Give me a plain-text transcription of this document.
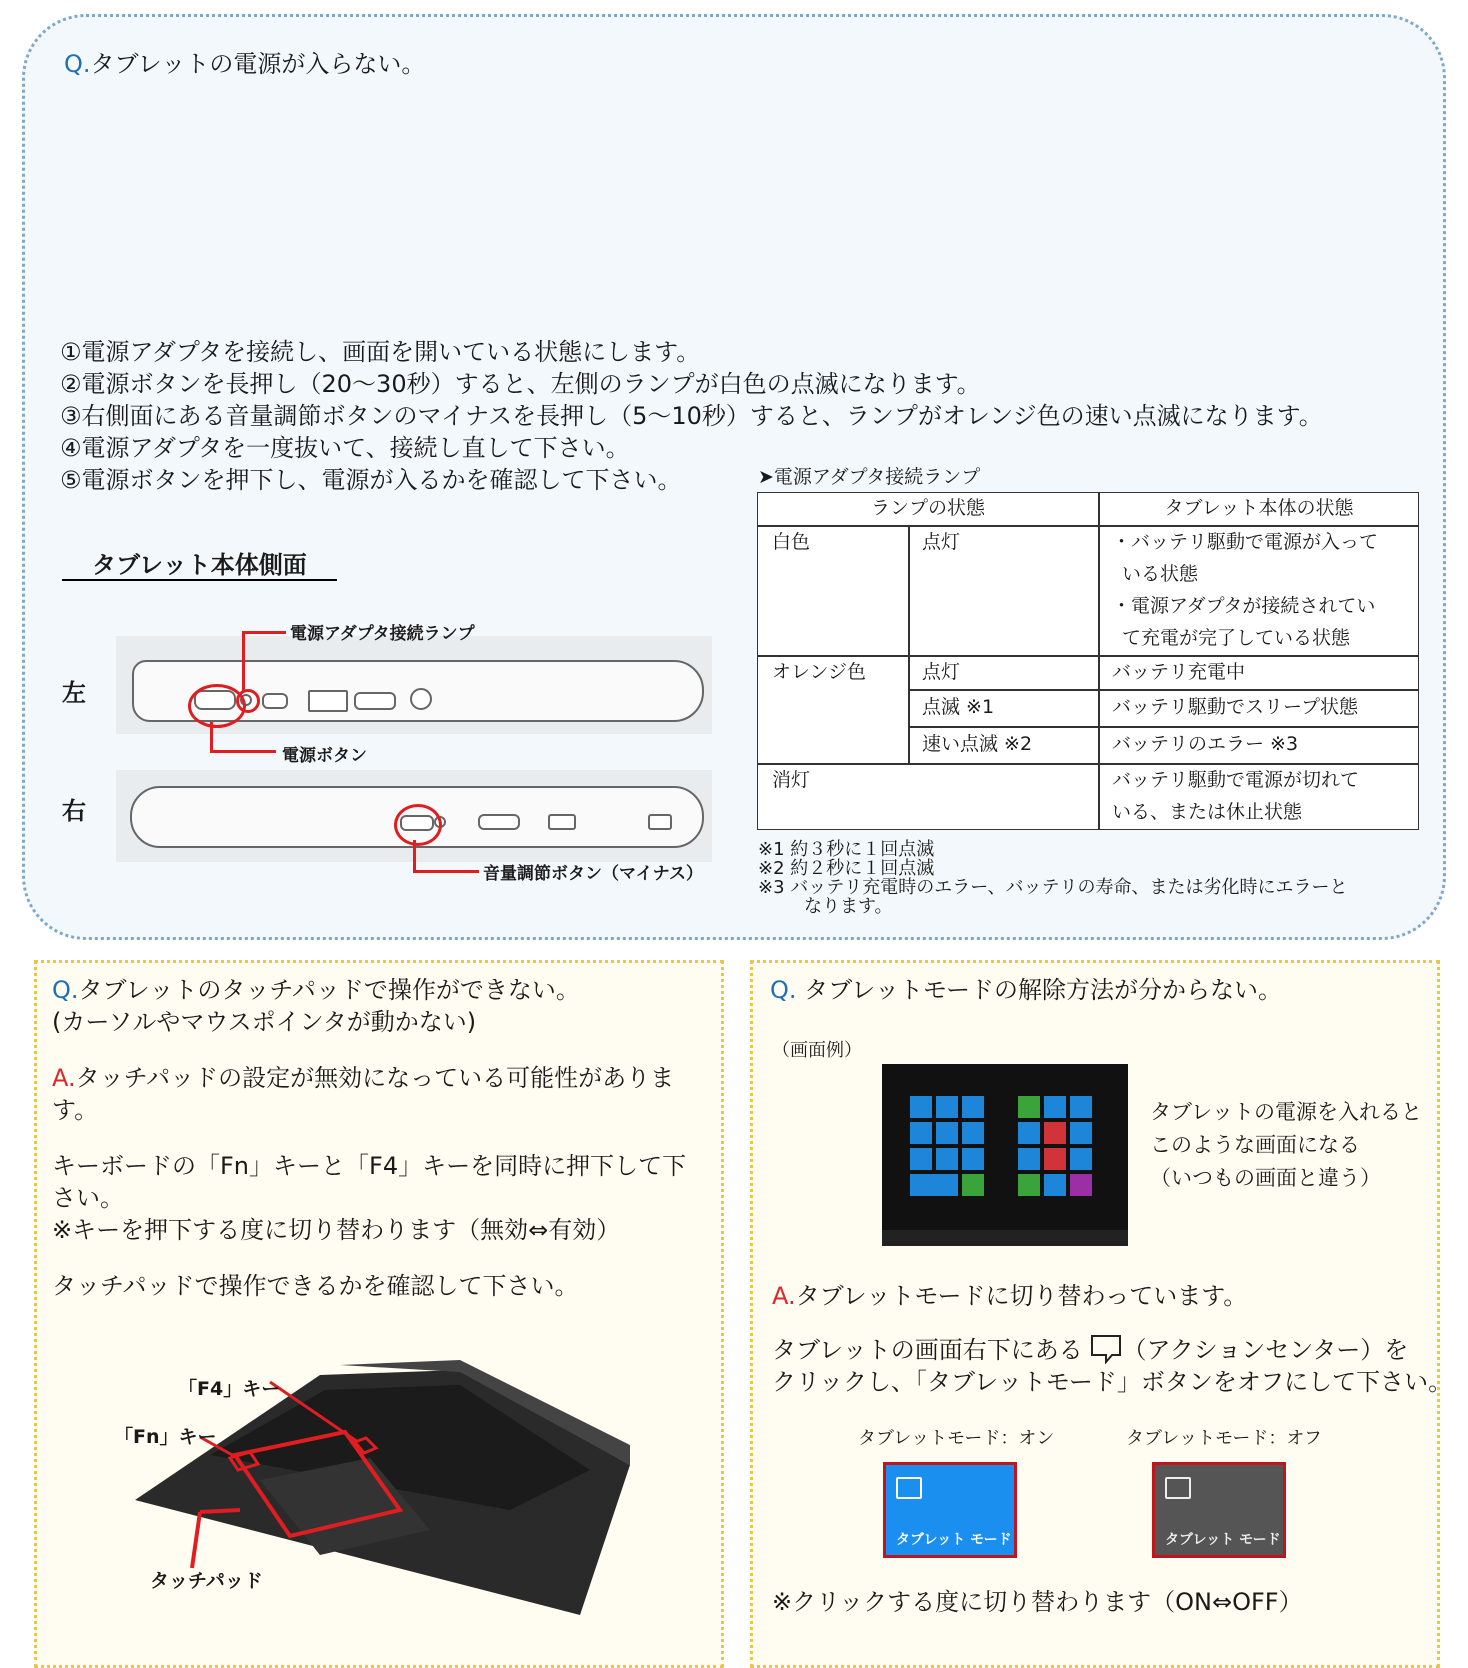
Q.タブレットの電源が入らない。
①電源アダプタを接続し、画面を開いている状態にします。
②電源ボタンを長押し（20～30秒）すると、左側のランプが白色の点滅になります。
③右側面にある音量調節ボタンのマイナスを長押し（5～10秒）すると、ランプがオレンジ色の速い点滅になります。
④電源アダプタを一度抜いて、接続し直して下さい。
⑤電源ボタンを押下し、電源が入るかを確認して下さい。
タブレット本体側面
左
右
電源アダプタ接続ランプ
電源ボタン
音量調節ボタン（マイナス）
➤電源アダプタ接続ランプ
ランプの状態	タブレット本体の状態
白色	点灯	・バッテリ駆動で電源が入って
いる状態
・電源アダプタが接続されてい
て充電が完了している状態
オレンジ色	点灯	バッテリ充電中
点滅 ※1	バッテリ駆動でスリープ状態
速い点滅 ※2	バッテリのエラー ※3
消灯	バッテリ駆動で電源が切れて
いる、または休止状態
※1 約３秒に１回点滅
※2 約２秒に１回点滅
※3 バッテリ充電時のエラー、バッテリの寿命、または劣化時にエラーと
なります。
Q.タブレットのタッチパッドで操作ができない。
(カーソルやマウスポインタが動かない)
A.タッチパッドの設定が無効になっている可能性がありま
す。
キーボードの「Fn」キーと「F4」キーを同時に押下して下
さい。
※キーを押下する度に切り替わります（無効⇔有効）
タッチパッドで操作できるかを確認して下さい。
「F4」キー
「Fn」キー
タッチパッド
Q. タブレットモードの解除方法が分からない。
（画面例）
タブレットの電源を入れると
このような画面になる
（いつもの画面と違う）
A.タブレットモードに切り替わっています。
タブレットの画面右下にある （アクションセンター）を
クリックし、「タブレットモード」ボタンをオフにして下さい。
タブレットモード：オン	タブレットモード：オフ
タブレット モード	タブレット モード
※クリックする度に切り替わります（ON⇔OFF）
